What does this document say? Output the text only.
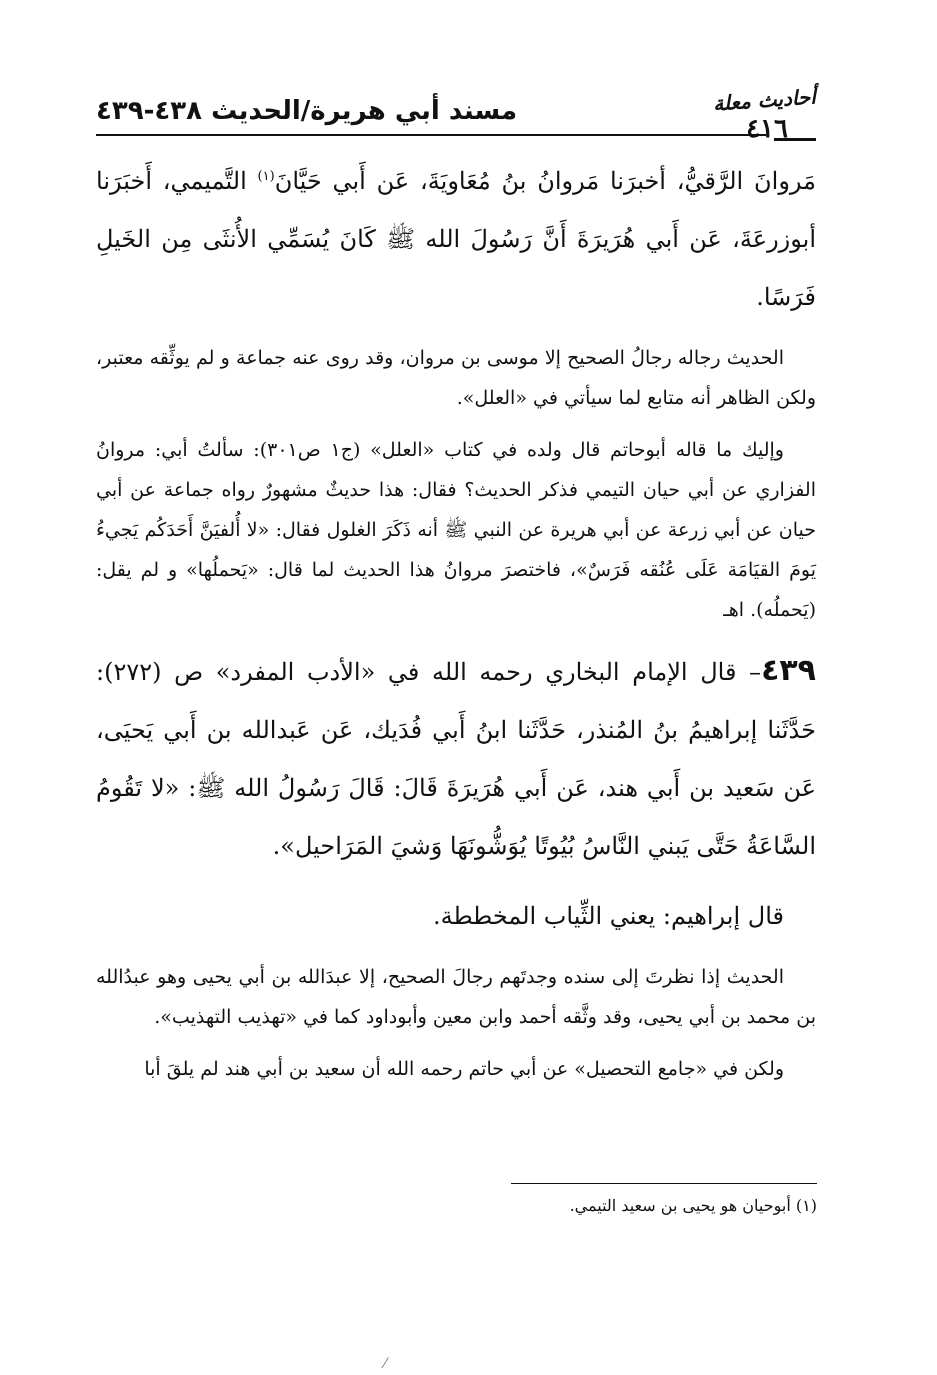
مسند أبي هريرة/الحديث ٤٣٨-٤٣٩	أحاديث معلة
٤١٦

مَروانَ الرَّقيُّ، أخبرَنا مَروانُ بنُ مُعَاويَةَ، عَن أَبي حَيَّانَ$^{(١)}$ التَّميمي، أَخبَرَنا أبوزرعَةَ، عَن أَبي هُرَيرَةَ أَنَّ رَسُولَ الله ﷺ كَانَ يُسَمِّي الأُنثَى مِن الخَيلِ فَرَسًا.

الحديث رجاله رجالُ الصحيح إلا موسى بن مروان، وقد روى عنه جماعة و لم يوثِّقه معتبر، ولكن الظاهر أنه متابع لما سيأتي في «العلل».

وإليك ما قاله أبوحاتم قال ولده في كتاب «العلل» (ج١ ص٣٠١): سألتُ أبي: مروانُ الفزاري عن أبي حيان التيمي فذكر الحديث؟ فقال: هذا حديثٌ مشهورٌ رواه جماعة عن أبي حيان عن أبي زرعة عن أبي هريرة عن النبي ﷺ أنه ذَكَرَ الغلول فقال: «لا أُلفيَنَّ أَحَدَكُم يَجيءُ يَومَ القيَامَة عَلَى عُنُقه فَرَسٌ»، فاختصرَ مروانُ هذا الحديث لما قال: «يَحملُها» و لم يقل: (يَحملُه). اهـ

٤٣٩– قال الإمام البخاري رحمه الله في «الأدب المفرد» ص (٢٧٢): حَدَّثَنا إبراهيمُ بنُ المُنذر، حَدَّثَنا ابنُ أَبي فُدَيك، عَن عَبدالله بن أَبي يَحيَى، عَن سَعيد بن أَبي هند، عَن أَبي هُرَيرَةَ قَالَ: قَالَ رَسُولُ الله ﷺ: «لا تَقُومُ السَّاعَةُ حَتَّى يَبني النَّاسُ بُيُوتًا يُوَشُّونَهَا وَشيَ المَرَاحيل».

قال إبراهيم: يعني الثِّياب المخططة.

الحديث إذا نظرتَ إلى سنده وجدتَهم رجالَ الصحيح، إلا عبدَالله بن أبي يحيى وهو عبدُالله بن محمد بن أبي يحيى، وقد وثَّقه أحمد وابن معين وأبوداود كما في «تهذيب التهذيب».

ولكن في «جامع التحصيل» عن أبي حاتم رحمه الله أن سعيد بن أبي هند لم يلقَ أبا

(١) أبوحيان هو يحيى بن سعيد التيمي.
⁄
